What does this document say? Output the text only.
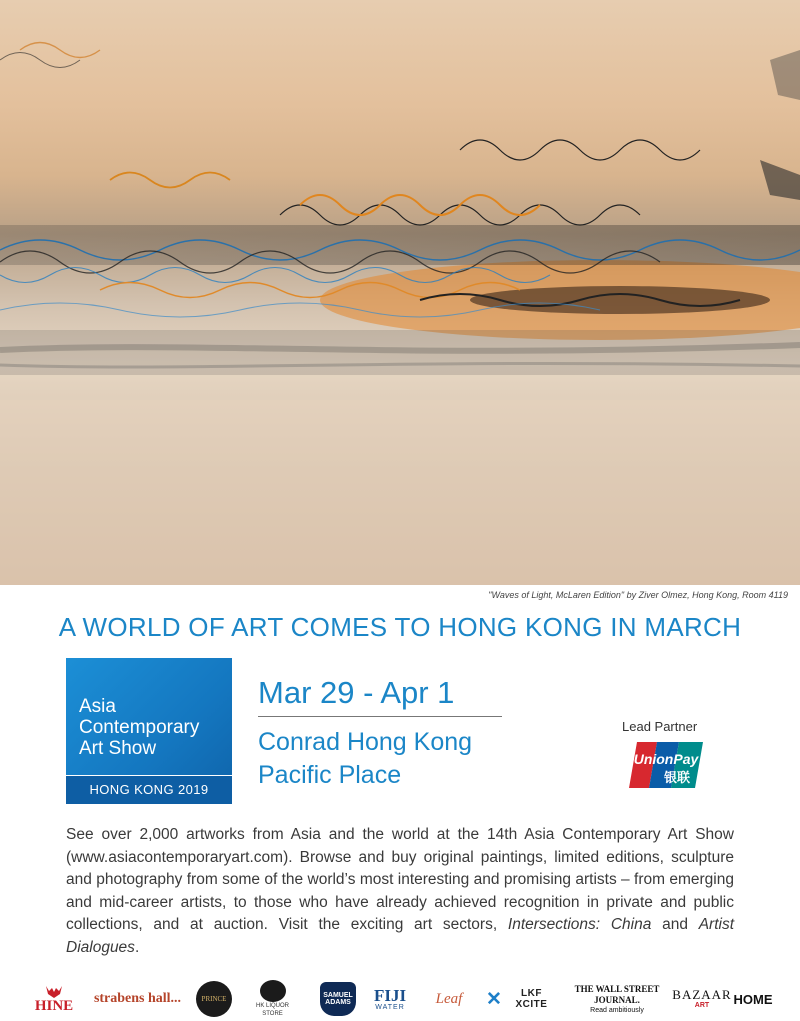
"Waves of Light, McLaren Edition" by Ziver Olmez, Hong Kong, Room 4119
A WORLD OF ART COMES TO HONG KONG IN MARCH
Asia
Contemporary
Art Show
HONG KONG 2019
Mar 29 - Apr 1
Conrad Hong Kong
Pacific Place
Lead Partner
UnionPay
银联
See over 2,000 artworks from Asia and the world at the 14th Asia Contemporary Art Show (www.asiacontemporaryart.com). Browse and buy original paintings, limited editions, sculpture and photography from some of the world’s most interesting and promising artists – from emerging and mid-career artists, to those who have already achieved recognition in private and public collections, and at auction. Visit the exciting art sectors, Intersections: China and Artist Dialogues.
HINE strabens hall...	PRINCE
HK LIQUOR STORE
SAMUEL ADAMS	FIJI
WATER
Leaf ✕	LKF XCITE
THE WALL STREET JOURNAL.
Read ambitiously
BAZAAR
ART HOME
